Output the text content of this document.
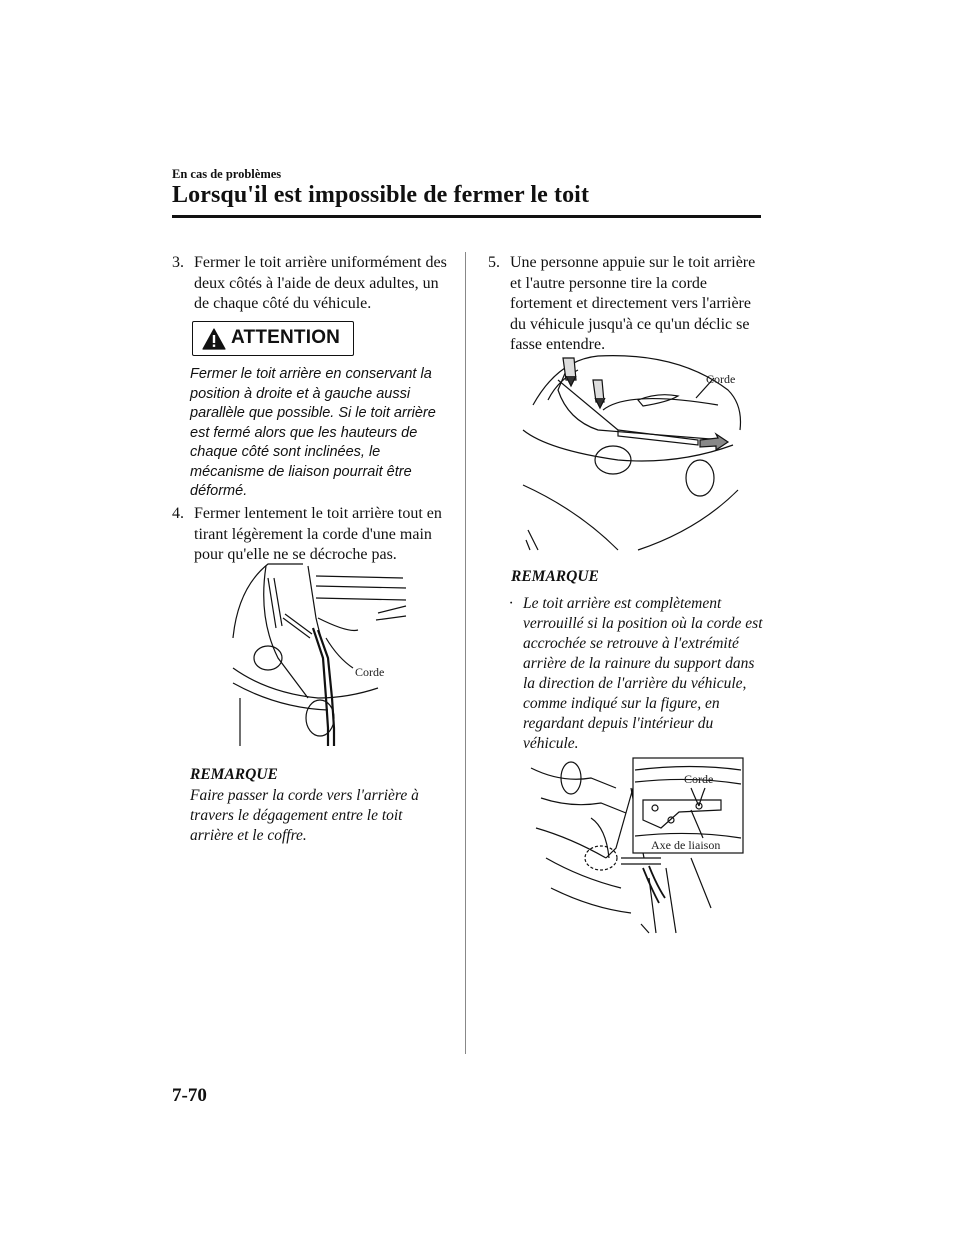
En cas de problèmes
Lorsqu'il est impossible de fermer le toit
3. Fermer le toit arrière uniformément des deux côtés à l'aide de deux adultes, un de chaque côté du véhicule.
ATTENTION
Fermer le toit arrière en conservant la position à droite et à gauche aussi parallèle que possible. Si le toit arrière est fermé alors que les hauteurs de chaque côté sont inclinées, le mécanisme de liaison pourrait être déformé.
4. Fermer lentement le toit arrière tout en tirant légèrement la corde d'une main pour qu'elle ne se décroche pas.
Corde
REMARQUE
Faire passer la corde vers l'arrière à travers le dégagement entre le toit arrière et le coffre.
5. Une personne appuie sur le toit arrière et l'autre personne tire la corde fortement et directement vers l'arrière du véhicule jusqu'à ce qu'un déclic se fasse entendre.
Corde
REMARQUE
· Le toit arrière est complètement verrouillé si la position où la corde est accrochée se retrouve à l'extrémité arrière de la rainure du support dans la direction de l'arrière du véhicule, comme indiqué sur la figure, en regardant depuis l'intérieur du véhicule.
Corde
Axe de liaison
7-70
